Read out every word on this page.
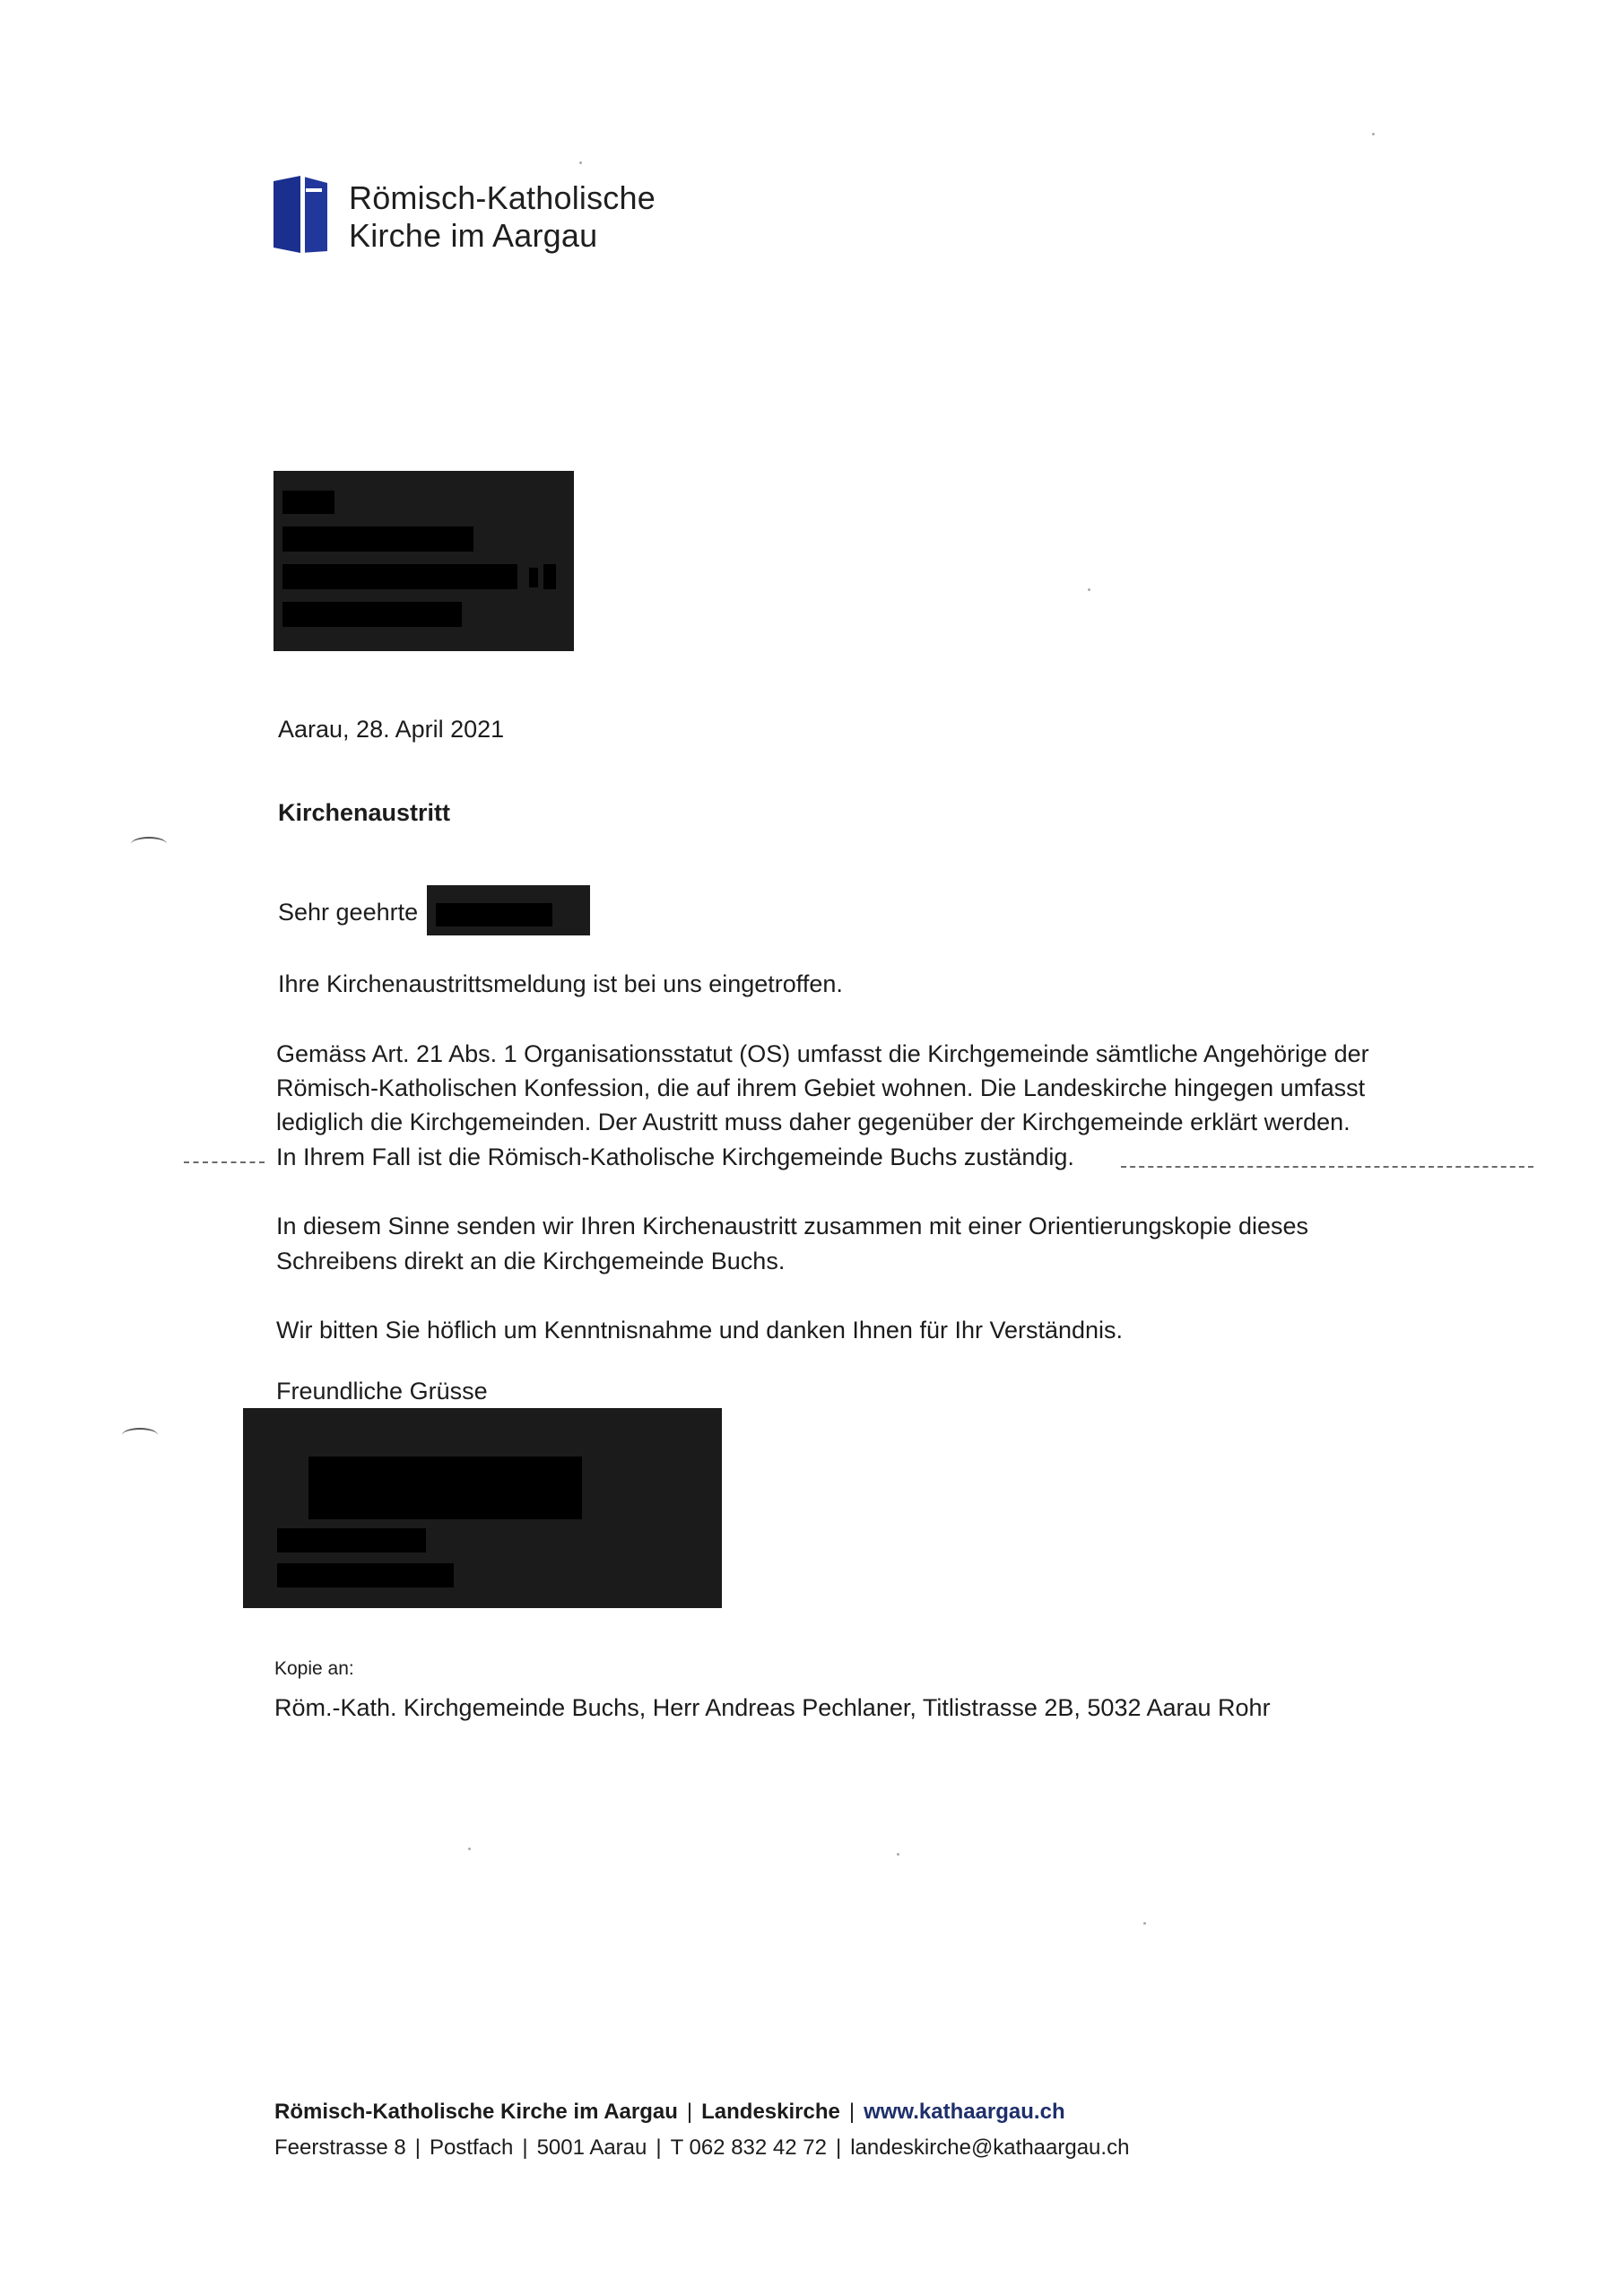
Römisch-Katholische
Kirche im Aargau
Aarau, 28. April 2021
Kirchenaustritt
Sehr geehrte
Ihre Kirchenaustrittsmeldung ist bei uns eingetroffen.
Gemäss Art. 21 Abs. 1 Organisationsstatut (OS) umfasst die Kirchgemeinde sämtliche Angehörige der
Römisch-Katholischen Konfession, die auf ihrem Gebiet wohnen. Die Landeskirche hingegen umfasst
lediglich die Kirchgemeinden. Der Austritt muss daher gegenüber der Kirchgemeinde erklärt werden.
In Ihrem Fall ist die Römisch-Katholische Kirchgemeinde Buchs zuständig.
In diesem Sinne senden wir Ihren Kirchenaustritt zusammen mit einer Orientierungskopie dieses
Schreibens direkt an die Kirchgemeinde Buchs.
Wir bitten Sie höflich um Kenntnisnahme und danken Ihnen für Ihr Verständnis.
Freundliche Grüsse
Kopie an:
Röm.-Kath. Kirchgemeinde Buchs, Herr Andreas Pechlaner, Titlistrasse 2B, 5032 Aarau Rohr
Römisch-Katholische Kirche im Aargau | Landeskirche | www.kathaargau.ch
Feerstrasse 8 | Postfach | 5001 Aarau | T 062 832 42 72 | landeskirche@kathaargau.ch
